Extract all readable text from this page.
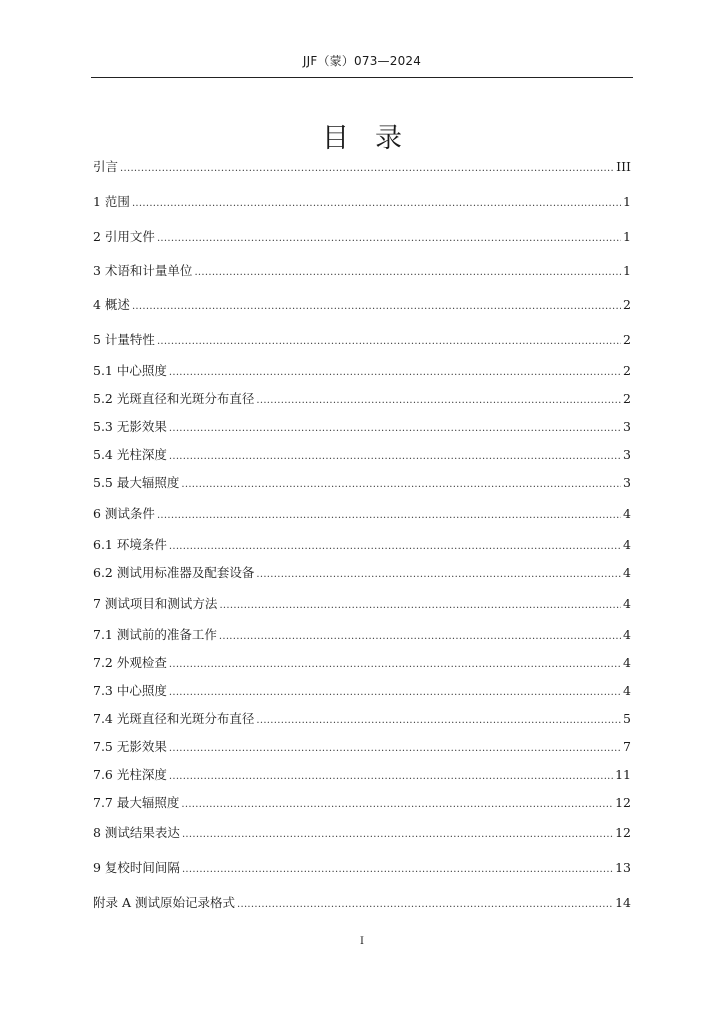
JJF（蒙）073—2024
目录
引言 .....	III
1 范围 .....	1
2 引用文件 .....	1
3 术语和计量单位 .....	1
4 概述 .....	2
5 计量特性 .....	2
5.1 中心照度 .....	2
5.2 光斑直径和光斑分布直径 .....	2
5.3 无影效果 .....	3
5.4 光柱深度 .....	3
5.5 最大辐照度 .....	3
6 测试条件 .....	4
6.1 环境条件 .....	4
6.2 测试用标准器及配套设备 .....	4
7 测试项目和测试方法 .....	4
7.1 测试前的准备工作 .....	4
7.2 外观检查 .....	4
7.3 中心照度 .....	4
7.4 光斑直径和光斑分布直径 .....	5
7.5 无影效果 .....	7
7.6 光柱深度 .....	11
7.7 最大辐照度 .....	12
8 测试结果表达 .....	12
9 复校时间间隔 .....	13
附录 A 测试原始记录格式 .....	14
I
